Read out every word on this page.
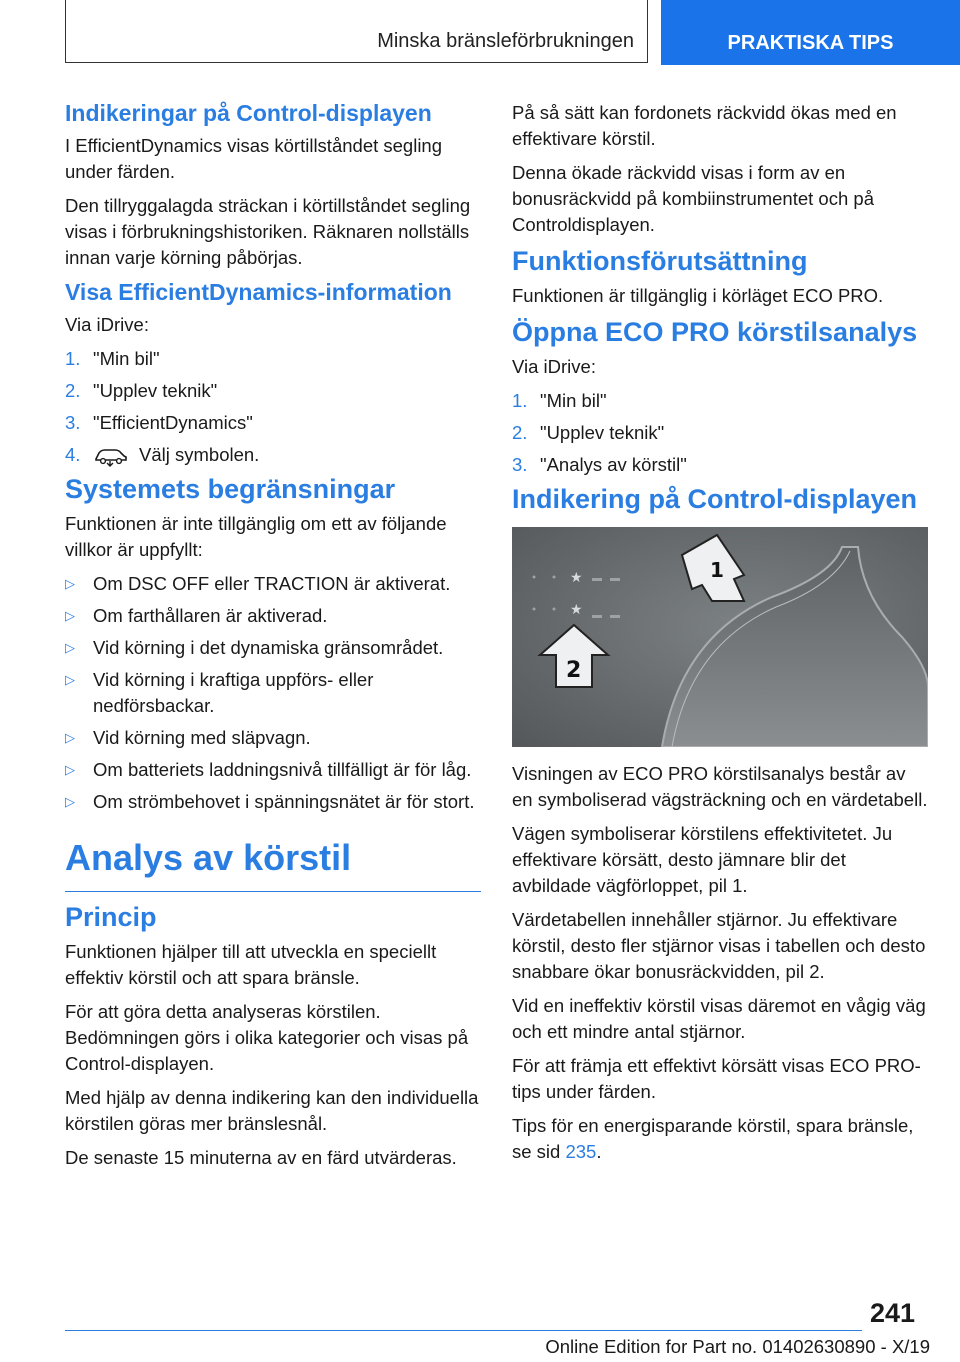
Minska bränsleförbrukningen	PRAKTISKA TIPS
Indikeringar på Control-displayen

I EfficientDynamics visas körtillståndet segling under färden.

Den tillryggalagda sträckan i körtillståndet segling visas i förbrukningshistoriken. Räknaren nollställs innan varje körning påbörjas.

Visa EfficientDynamics-information

Via iDrive:

1. "Min bil"
2. "Upplev teknik"
3. "EfficientDynamics"
4.	Välj symbolen.
Systemets begränsningar

Funktionen är inte tillgänglig om ett av följande villkor är uppfyllt:

▷ Om DSC OFF eller TRACTION är aktiverat.
▷ Om farthållaren är aktiverad.
▷ Vid körning i det dynamiska gränsområdet.
▷ Vid körning i kraftiga uppförs- eller nedförsbackar.
▷ Vid körning med släpvagn.
▷ Om batteriets laddningsnivå tillfälligt är för låg.
▷ Om strömbehovet i spänningsnätet är för stort.
Analys av körstil
Princip

Funktionen hjälper till att utveckla en speciellt effektiv körstil och att spara bränsle.

För att göra detta analyseras körstilen. Bedömningen görs i olika kategorier och visas på Control-displayen.

Med hjälp av denna indikering kan den individuella körstilen göras mer bränslesnål.

De senaste 15 minuterna av en färd utvärderas.

På så sätt kan fordonets räckvidd ökas med en effektivare körstil.

Denna ökade räckvidd visas i form av en bonusräckvidd på kombiinstrumentet och på Controldisplayen.

Funktionsförutsättning

Funktionen är tillgänglig i körläget ECO PRO.

Öppna ECO PRO körstilsanalys

Via iDrive:

1. "Min bil"
2. "Upplev teknik"
3. "Analys av körstil"
Indikering på Control-displayen
★
★
1
2

Visningen av ECO PRO körstilsanalys består av en symboliserad vägsträckning och en värdetabell.

Vägen symboliserar körstilens effektivitetet. Ju effektivare körsätt, desto jämnare blir det avbildade vägförloppet, pil 1.

Värdetabellen innehåller stjärnor. Ju effektivare körstil, desto fler stjärnor visas i tabellen och desto snabbare ökar bonusräckvidden, pil 2.

Vid en ineffektiv körstil visas däremot en vågig väg och ett mindre antal stjärnor.

För att främja ett effektivt körsätt visas ECO PRO-tips under färden.

Tips för en energisparande körstil, spara bränsle, se sid 235.

241
Online Edition for Part no. 01402630890 - X/19
